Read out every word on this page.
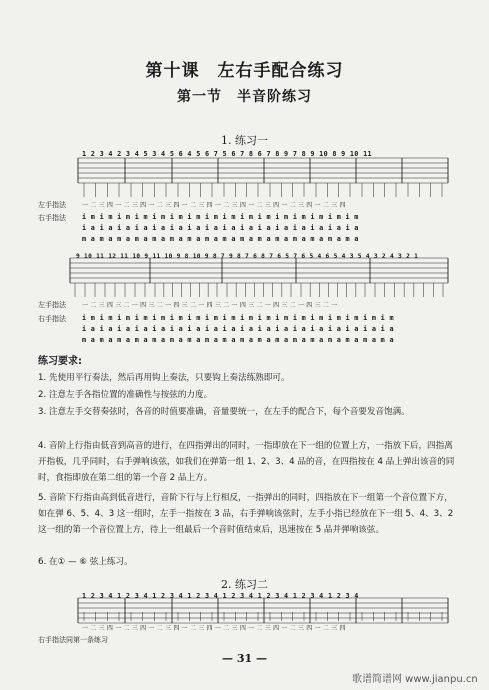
第十课　左右手配合练习
第一节　半音阶练习
1. 练习一
1 2 3 4 2 3 4 5 3 4 5 6 4 5 6 7 5 6 7 8 6 7 8 9 7 8 9 10 8 9 10 11
左手指法	一 二 三 四 一 二 三 四 一 二 三 四 一 二 三 四 一 二 三 四 一 二 三 四 一 二 三 四 一 二 三 四
右手指法 i m i m i m i m i m i m i m i m i m i m i m i m i m i m i m i m
i a i a i a i a i a i a i a i a i a i a i a i a i a i a i a i a
m a m a m a m a m a m a m a m a m a m a m a m a m a m a m a m a
9 10 11 12 11 10 9 11 10 9 8 10 9 8 7 9 8 7 6 8 7 6 5 7 6 5 4 6 5 4 3 5 4 3 2 4 3 2 1
左手指法	一 二 三 四 三 二 一 四 三 二 一 四 三 二 一 四 三 二 一 四 三 二 一 四 三 二 一 四 三 二 一
右手指法 i m i m i m i m i m i m i m i m i m i m i m i m i m i m i m i m i m i m
i a i a i a i a i a i a i a i a i a i a i a i a i a i a i a i a i a i a
m a m a m a m a m a m a m a m a m a m a m a m a m a m a m a m a m a m a
练习要求:
1. 先使用平行奏法，然后再用钩上奏法，只要钩上奏法练熟即可。
2. 注意左手各指位置的准确性与按弦的力度。
3. 注意左手交替奏弦时，各音的时值要准确，音量要统一，在左手的配合下，每个音要发音饱满。
4. 音阶上行指由低音到高音的进行，在四指弹出的同时，一指即放在下一组的位置上方，一指放下后，四指离开指板，几乎同时，右手弹响该弦，如我们在弹第一组 1、2、3、4 品的音，在四指按在 4 品上弹出该音的同时，食指即放在第二组的第一个音 2 品上方。
5. 音阶下行指由高到低音进行，音阶下行与上行相反，一指弹出的同时，四指放在下一组第一个音位置下方，如在弹 6、5、4、3 这一组时，左手一指按在 3 品，右手弹响该弦时，左手小指已经放在下一组 5、4、3、2 这一组的第一个音位置上方，待上一组最后一个音时值结束后，迅速按在 5 品并弹响该弦。
6. 在① — ⑥ 弦上练习。
2. 练习二
1 2 3 4 1 2 3 4 1 2 3 4 1 2 3 4 1 2 3 4 1 2 3 4 1 2 3 4 1 2 3 4
一 二 三 四 一 二 三 四 一 二 三 四 一 二 三 四 一 二 三 四 一 二 三 四 一 二 三 四 一 二 三 四
右手指法同第一条练习
— 31 —
歌谱简谱网 www.jianpu.cn
